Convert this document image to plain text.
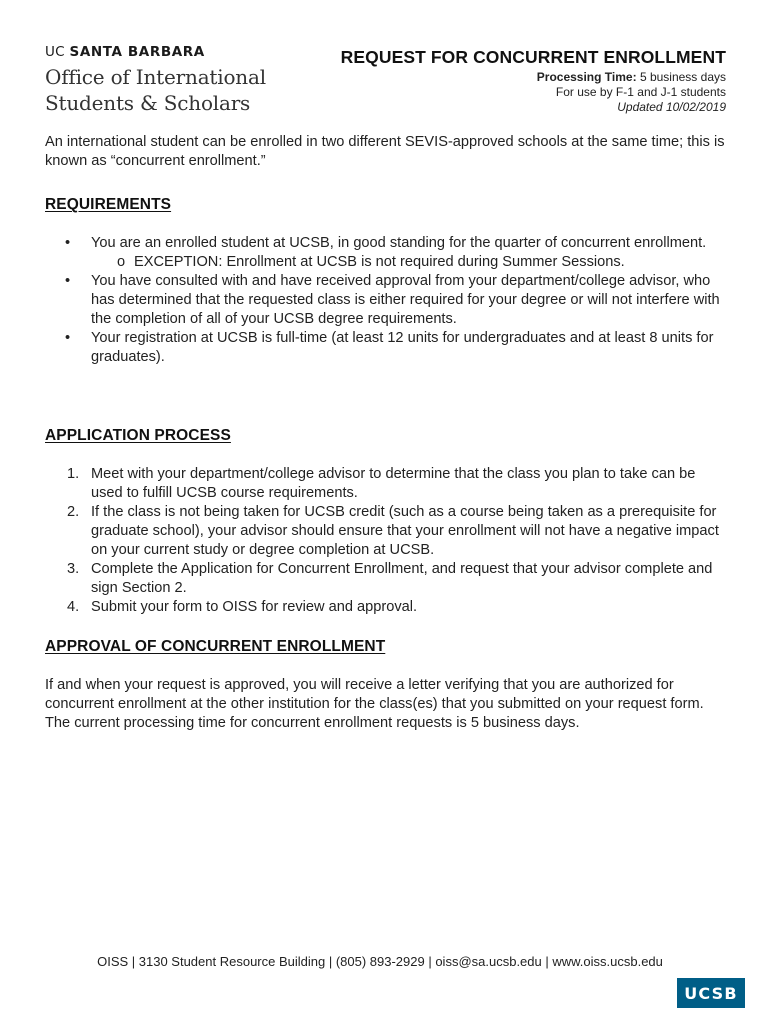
UC SANTA BARBARA
Office of International
Students & Scholars
REQUEST FOR CONCURRENT ENROLLMENT
Processing Time: 5 business days
For use by F-1 and J-1 students
Updated 10/02/2019
An international student can be enrolled in two different SEVIS-approved schools at the same time; this is known as “concurrent enrollment.”
REQUIREMENTS
• You are an enrolled student at UCSB, in good standing for the quarter of concurrent enrollment.
o EXCEPTION: Enrollment at UCSB is not required during Summer Sessions.
• You have consulted with and have received approval from your department/college advisor, who has determined that the requested class is either required for your degree or will not interfere with the completion of all of your UCSB degree requirements.
• Your registration at UCSB is full-time (at least 12 units for undergraduates and at least 8 units for graduates).
APPLICATION PROCESS
1. Meet with your department/college advisor to determine that the class you plan to take can be used to fulfill UCSB course requirements.
2. If the class is not being taken for UCSB credit (such as a course being taken as a prerequisite for graduate school), your advisor should ensure that your enrollment will not have a negative impact on your current study or degree completion at UCSB.
3. Complete the Application for Concurrent Enrollment, and request that your advisor complete and sign Section 2.
4. Submit your form to OISS for review and approval.
APPROVAL OF CONCURRENT ENROLLMENT
If and when your request is approved, you will receive a letter verifying that you are authorized for concurrent enrollment at the other institution for the class(es) that you submitted on your request form. The current processing time for concurrent enrollment requests is 5 business days.
OISS | 3130 Student Resource Building | (805) 893-2929 | oiss@sa.ucsb.edu | www.oiss.ucsb.edu
UCSB
